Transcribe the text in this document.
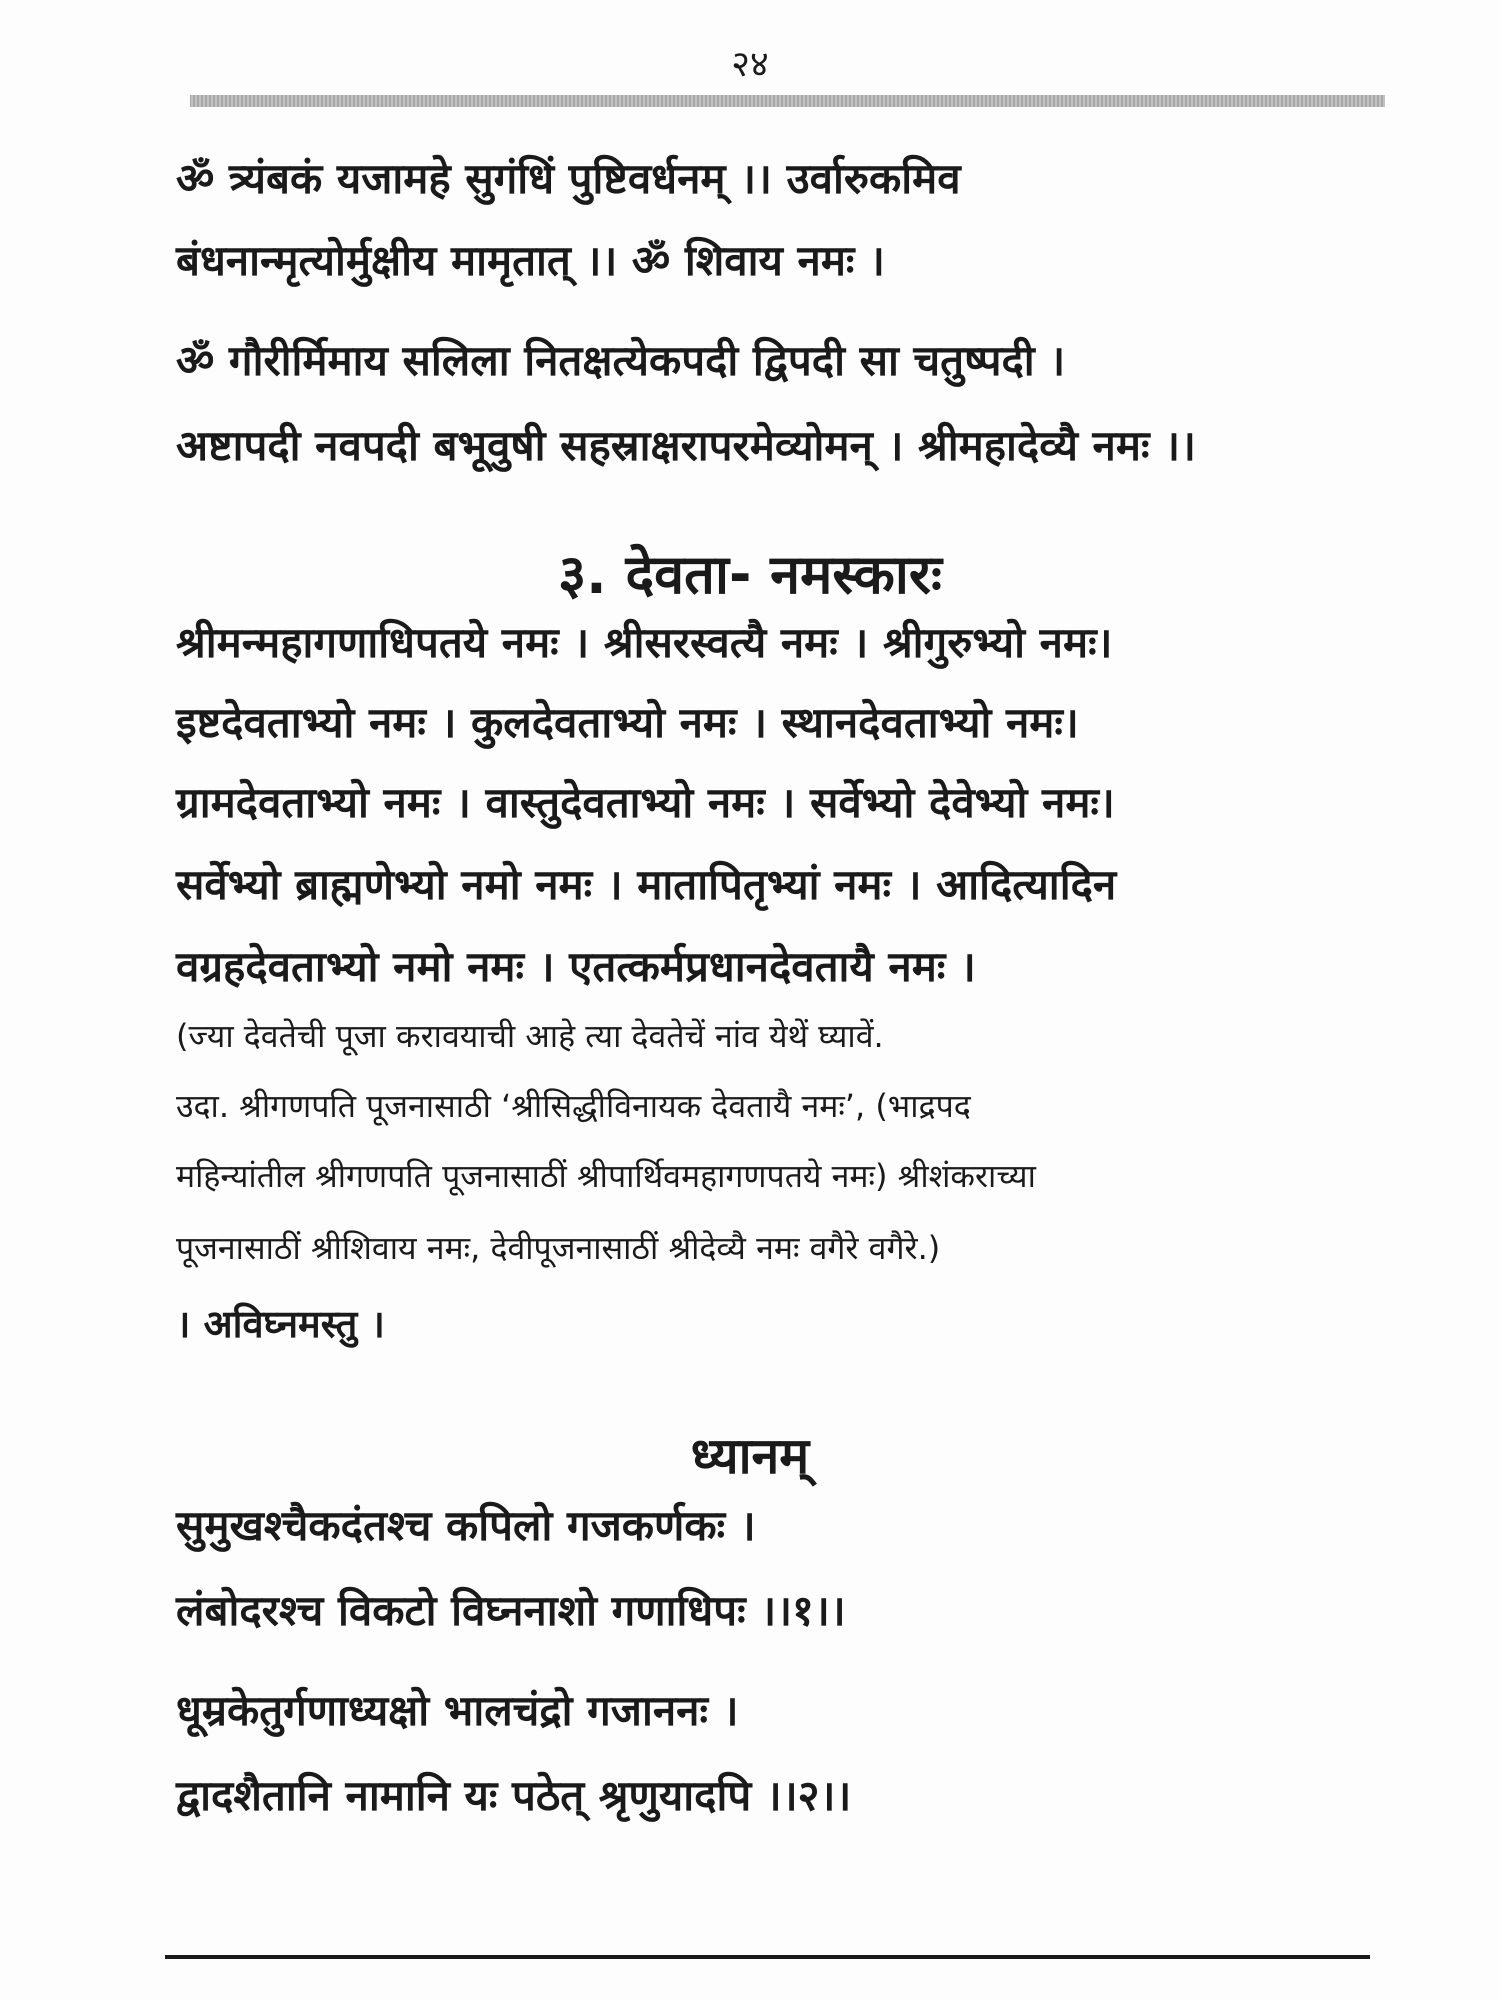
२४
ॐ त्र्यंबकं यजामहे सुगंधिं पुष्टिवर्धनम् ।। उर्वारुकमिव
बंधनान्मृत्योर्मुक्षीय मामृतात् ।। ॐ शिवाय नमः ।
ॐ गौरीर्मिमाय सलिला नितक्षत्येकपदी द्विपदी सा चतुष्पदी ।
अष्टापदी नवपदी बभूवुषी सहस्राक्षरापरमेव्योमन् । श्रीमहादेव्यै नमः ।।
३. देवता- नमस्कारः
श्रीमन्महागणाधिपतये नमः । श्रीसरस्वत्यै नमः । श्रीगुरुभ्यो नमः।
इष्टदेवताभ्यो नमः । कुलदेवताभ्यो नमः । स्थानदेवताभ्यो नमः।
ग्रामदेवताभ्यो नमः । वास्तुदेवताभ्यो नमः । सर्वेभ्यो देवेभ्यो नमः।
सर्वेभ्यो ब्राह्मणेभ्यो नमो नमः । मातापितृभ्यां नमः । आदित्यादिन
वग्रहदेवताभ्यो नमो नमः । एतत्कर्मप्रधानदेवतायै नमः ।
(ज्या देवतेची पूजा करावयाची आहे त्या देवतेचें नांव येथें घ्यावें.
उदा. श्रीगणपति पूजनासाठी ‘श्रीसिद्धीविनायक देवतायै नमः’, (भाद्रपद
महिन्यांतील श्रीगणपति पूजनासाठीं श्रीपार्थिवमहागणपतये नमः) श्रीशंकराच्या
पूजनासाठीं श्रीशिवाय नमः, देवीपूजनासाठीं श्रीदेव्यै नमः वगैरे वगैरे.)
। अविघ्नमस्तु ।
ध्यानम्
सुमुखश्चैकदंतश्च कपिलो गजकर्णकः ।
लंबोदरश्च विकटो विघ्ननाशो गणाधिपः ।।१।।
धूम्रकेतुर्गणाध्यक्षो भालचंद्रो गजाननः ।
द्वादशैतानि नामानि यः पठेत् श्रृणुयादपि ।।२।।
